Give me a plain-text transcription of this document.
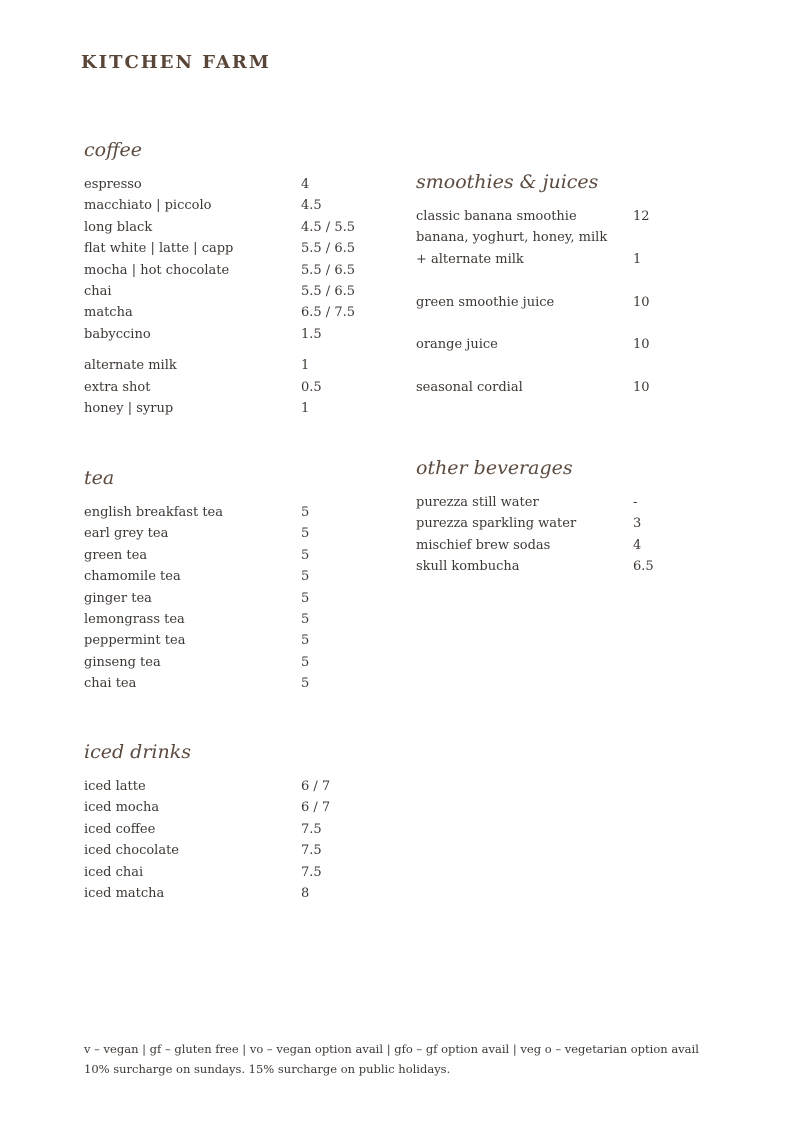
KITCHEN FARM
coffee
espresso	4
macchiato | piccolo	4.5
long black	4.5 / 5.5
flat white | latte | capp	5.5 / 6.5
mocha | hot chocolate	5.5 / 6.5
chai	5.5 / 6.5
matcha	6.5 / 7.5
babyccino	1.5
alternate milk	1
extra shot	0.5
honey | syrup	1
tea
english breakfast tea	5
earl grey tea	5
green tea	5
chamomile tea	5
ginger tea	5
lemongrass tea	5
peppermint tea	5
ginseng tea	5
chai tea	5
iced drinks
iced latte	6 / 7
iced mocha	6 / 7
iced coffee	7.5
iced chocolate	7.5
iced chai	7.5
iced matcha	8
smoothies & juices
classic banana smoothie	12
banana, yoghurt, honey, milk
+ alternate milk	1
green smoothie juice	10
orange juice	10
seasonal cordial	10
other beverages
purezza still water	-
purezza sparkling water	3
mischief brew sodas	4
skull kombucha	6.5
v – vegan | gf – gluten free | vo – vegan option avail | gfo – gf option avail | veg o – vegetarian option avail
10% surcharge on sundays. 15% surcharge on public holidays.
